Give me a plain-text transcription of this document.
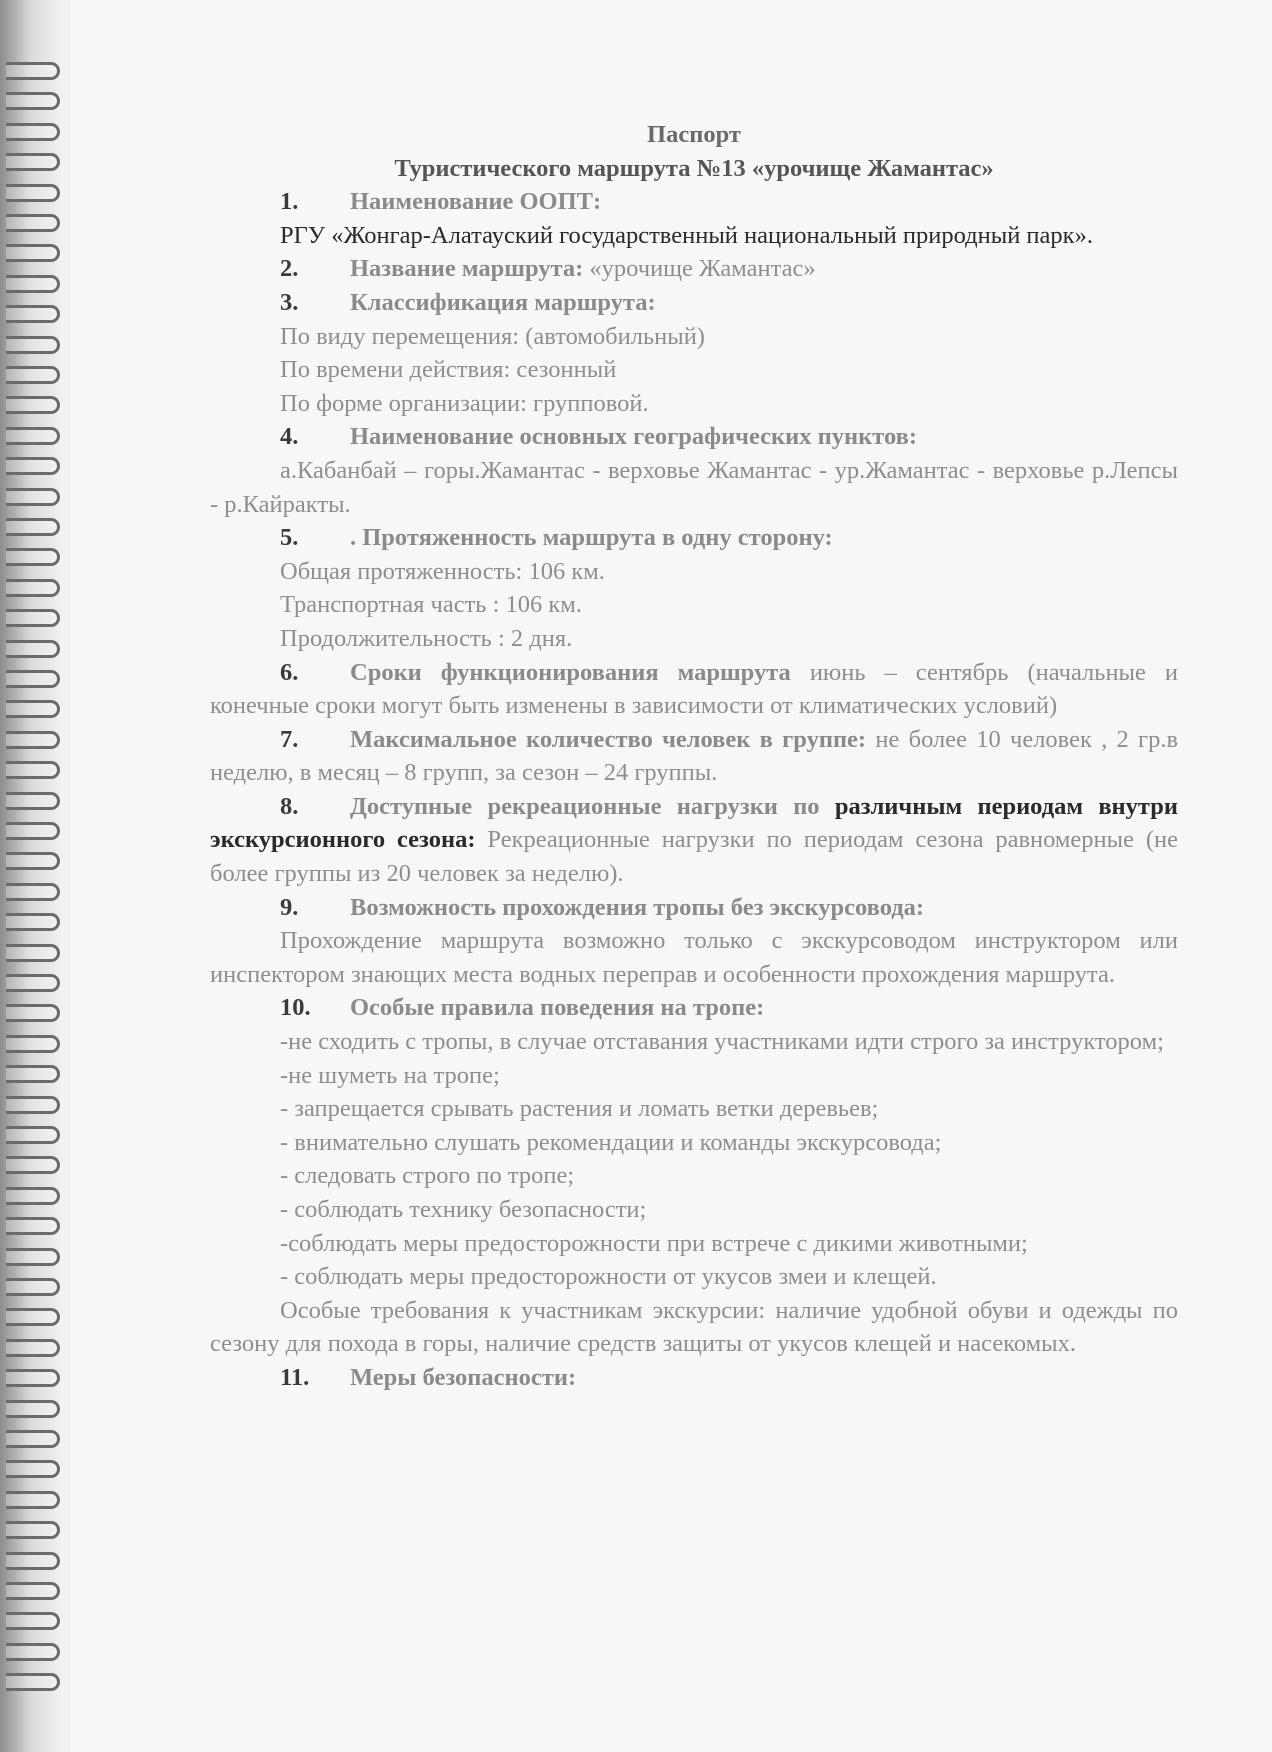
Паспорт
Туристического маршрута №13 «урочище Жамантас»
1. Наименование ООПТ:
РГУ «Жонгар-Алатауский государственный национальный природный парк».
2. Название маршрута: «урочище Жамантас»
3. Классификация маршрута:
По виду перемещения: (автомобильный)
По времени действия: сезонный
По форме организации: групповой.
4. Наименование основных географических пунктов:
а.Кабанбай – горы.Жамантас - верховье Жамантас - ур.Жамантас - верховье р.Лепсы - р.Кайракты.
5. . Протяженность маршрута в одну сторону:
Общая протяженность: 106 км.
Транспортная часть : 106 км.
Продолжительность : 2 дня.
6. Сроки функционирования маршрута июнь – сентябрь (начальные и конечные сроки могут быть изменены в зависимости от климатических условий)
7. Максимальное количество человек в группе: не более 10 человек , 2 гр.в неделю, в месяц – 8 групп, за сезон – 24 группы.
8. Доступные рекреационные нагрузки по различным периодам внутри экскурсионного сезона: Рекреационные нагрузки по периодам сезона равномерные (не более группы из 20 человек за неделю).
9. Возможность прохождения тропы без экскурсовода:
Прохождение маршрута возможно только с экскурсоводом инструктором или инспектором знающих места водных переправ и особенности прохождения маршрута.
10. Особые правила поведения на тропе:
-не сходить с тропы, в случае отставания участниками идти строго за инструктором;
-не шуметь на тропе;
- запрещается срывать растения и ломать ветки деревьев;
- внимательно слушать рекомендации и команды экскурсовода;
- следовать строго по тропе;
- соблюдать технику безопасности;
-соблюдать меры предосторожности при встрече с дикими животными;
- соблюдать меры предосторожности от укусов змеи и клещей.
Особые требования к участникам экскурсии: наличие удобной обуви и одежды по сезону для похода в горы, наличие средств защиты от укусов клещей и насекомых.
11. Меры безопасности:
